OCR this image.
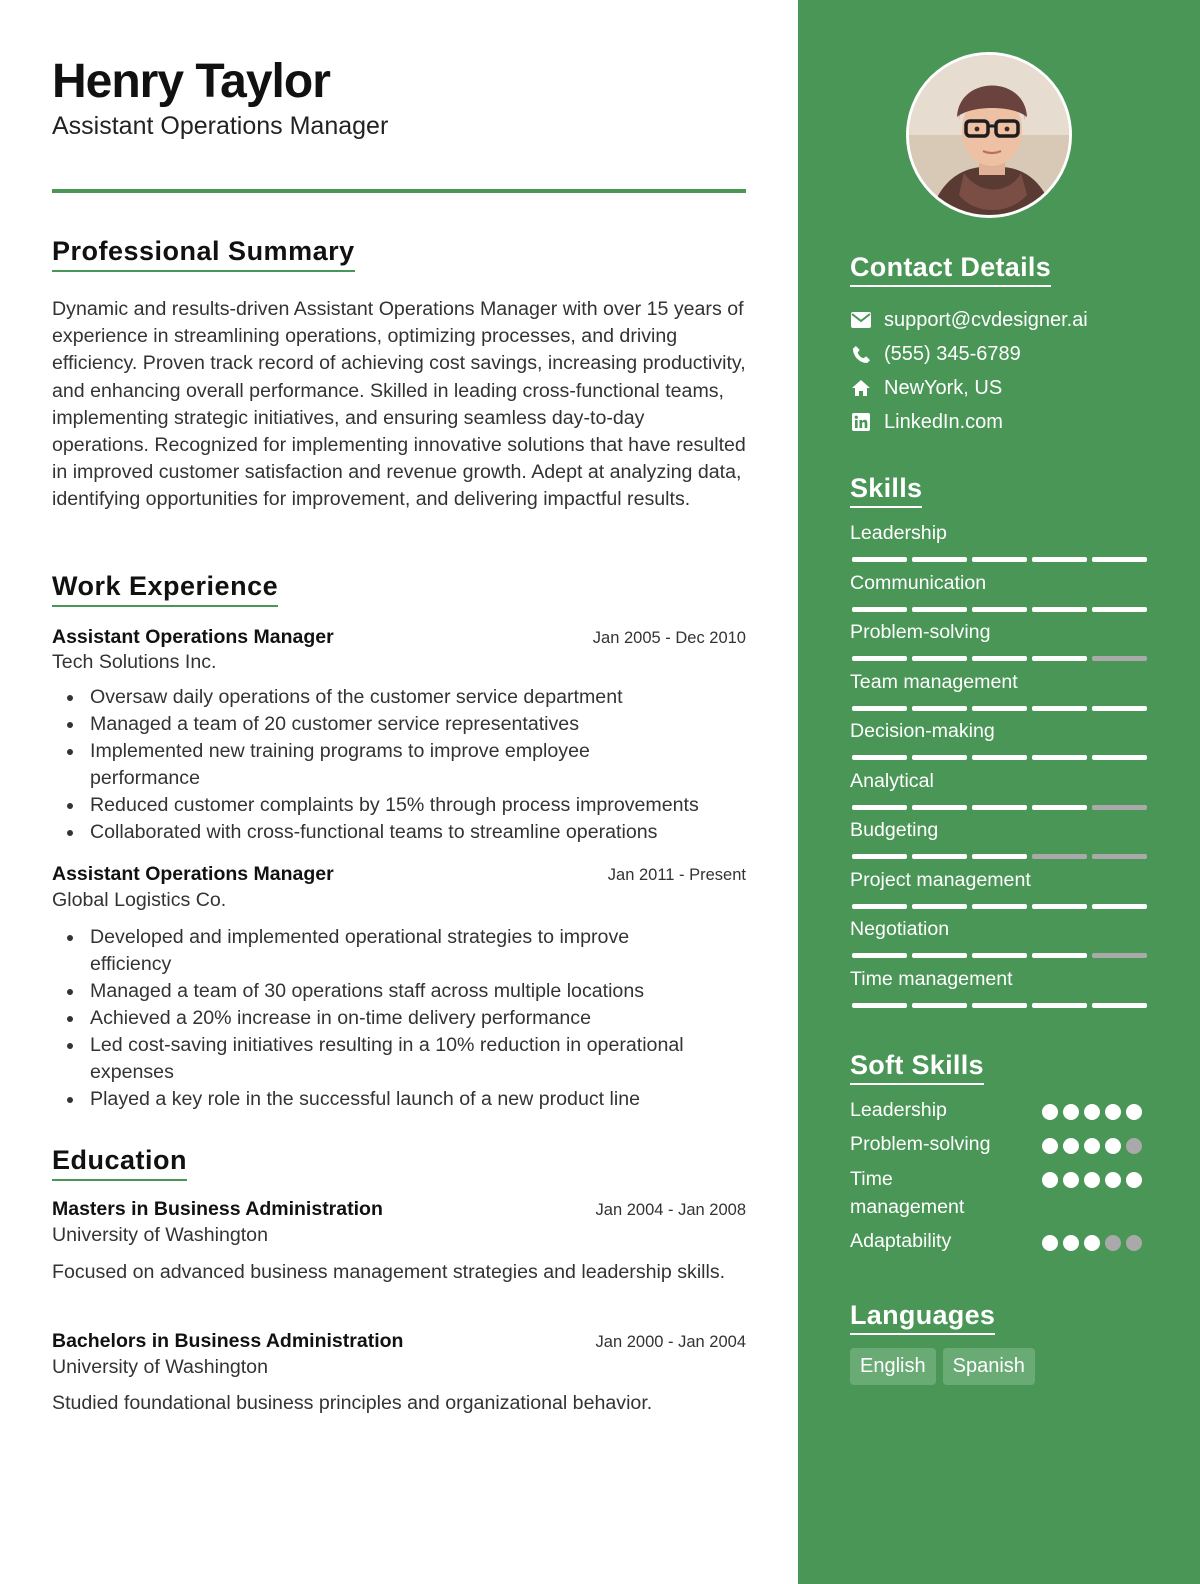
Henry Taylor
Assistant Operations Manager
Professional Summary

Dynamic and results-driven Assistant Operations Manager with over 15 years of experience in streamlining operations, optimizing processes, and driving efficiency. Proven track record of achieving cost savings, increasing productivity, and enhancing overall performance. Skilled in leading cross-functional teams, implementing strategic initiatives, and ensuring seamless day-to-day operations. Recognized for implementing innovative solutions that have resulted in improved customer satisfaction and revenue growth. Adept at analyzing data, identifying opportunities for improvement, and delivering impactful results.

Work Experience
Assistant Operations Manager	Jan 2005 - Dec 2010
Tech Solutions Inc.
Oversaw daily operations of the customer service department
Managed a team of 20 customer service representatives
Implemented new training programs to improve employee performance
Reduced customer complaints by 15% through process improvements
Collaborated with cross-functional teams to streamline operations
Assistant Operations Manager	Jan 2011 - Present
Global Logistics Co.
Developed and implemented operational strategies to improve efficiency
Managed a team of 30 operations staff across multiple locations
Achieved a 20% increase in on-time delivery performance
Led cost-saving initiatives resulting in a 10% reduction in operational expenses
Played a key role in the successful launch of a new product line
Education
Masters in Business Administration	Jan 2004 - Jan 2008
University of Washington

Focused on advanced business management strategies and leadership skills.

Bachelors in Business Administration	Jan 2000 - Jan 2004
University of Washington

Studied foundational business principles and organizational behavior.

Contact Details
support@cvdesigner.ai
(555) 345-6789
NewYork, US
LinkedIn.com
Skills
Leadership
Communication
Problem-solving
Team management
Decision-making
Analytical
Budgeting
Project management
Negotiation
Time management
Soft Skills
Leadership
Problem-solving
Time management
Adaptability
Languages
English	Spanish
